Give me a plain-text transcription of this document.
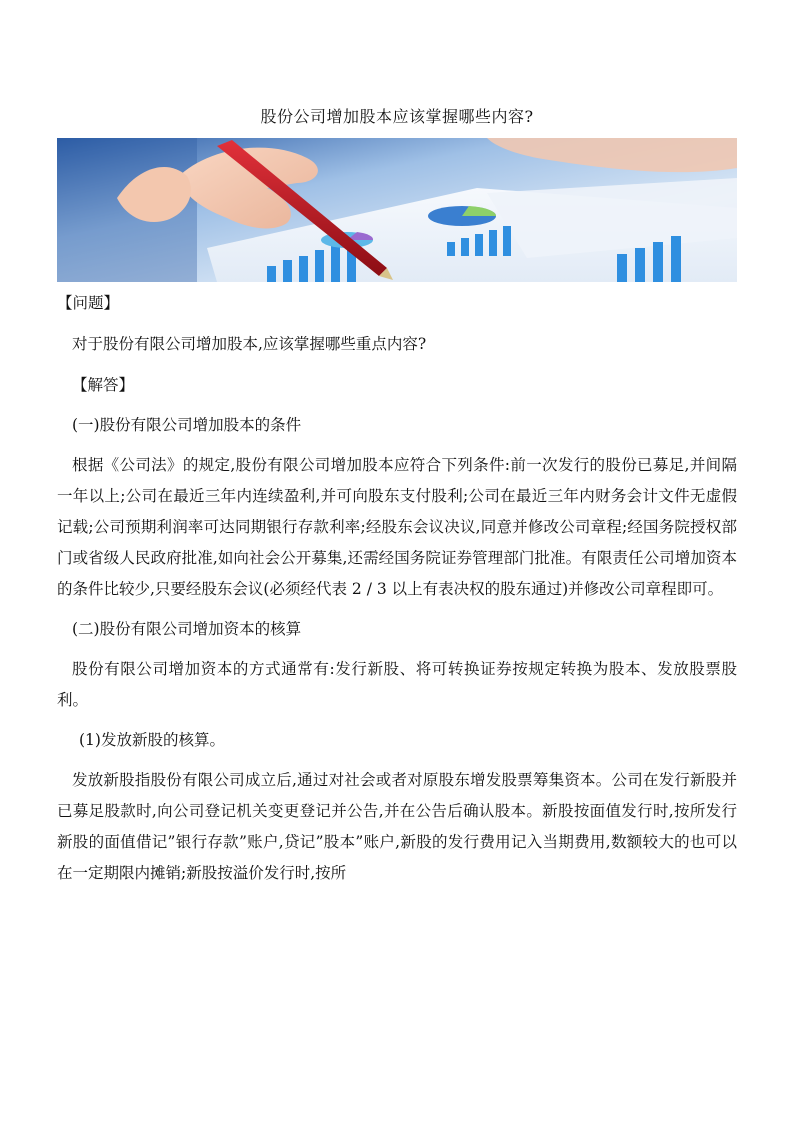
股份公司增加股本应该掌握哪些内容?

【问题】

对于股份有限公司增加股本,应该掌握哪些重点内容?

【解答】

(一)股份有限公司增加股本的条件

根据《公司法》的规定,股份有限公司增加股本应符合下列条件:前一次发行的股份已募足,并间隔一年以上;公司在最近三年内连续盈利,并可向股东支付股利;公司在最近三年内财务会计文件无虚假记载;公司预期利润率可达同期银行存款利率;经股东会议决议,同意并修改公司章程;经国务院授权部门或省级人民政府批准,如向社会公开募集,还需经国务院证券管理部门批准。有限责任公司增加资本的条件比较少,只要经股东会议(必须经代表 2 / 3 以上有表决权的股东通过)并修改公司章程即可。

(二)股份有限公司增加资本的核算

股份有限公司增加资本的方式通常有:发行新股、将可转换证券按规定转换为股本、发放股票股利。

(1)发放新股的核算。

发放新股指股份有限公司成立后,通过对社会或者对原股东增发股票筹集资本。公司在发行新股并已募足股款时,向公司登记机关变更登记并公告,并在公告后确认股本。新股按面值发行时,按所发行新股的面值借记”银行存款”账户,贷记”股本”账户,新股的发行费用记入当期费用,数额较大的也可以在一定期限内摊销;新股按溢价发行时,按所
